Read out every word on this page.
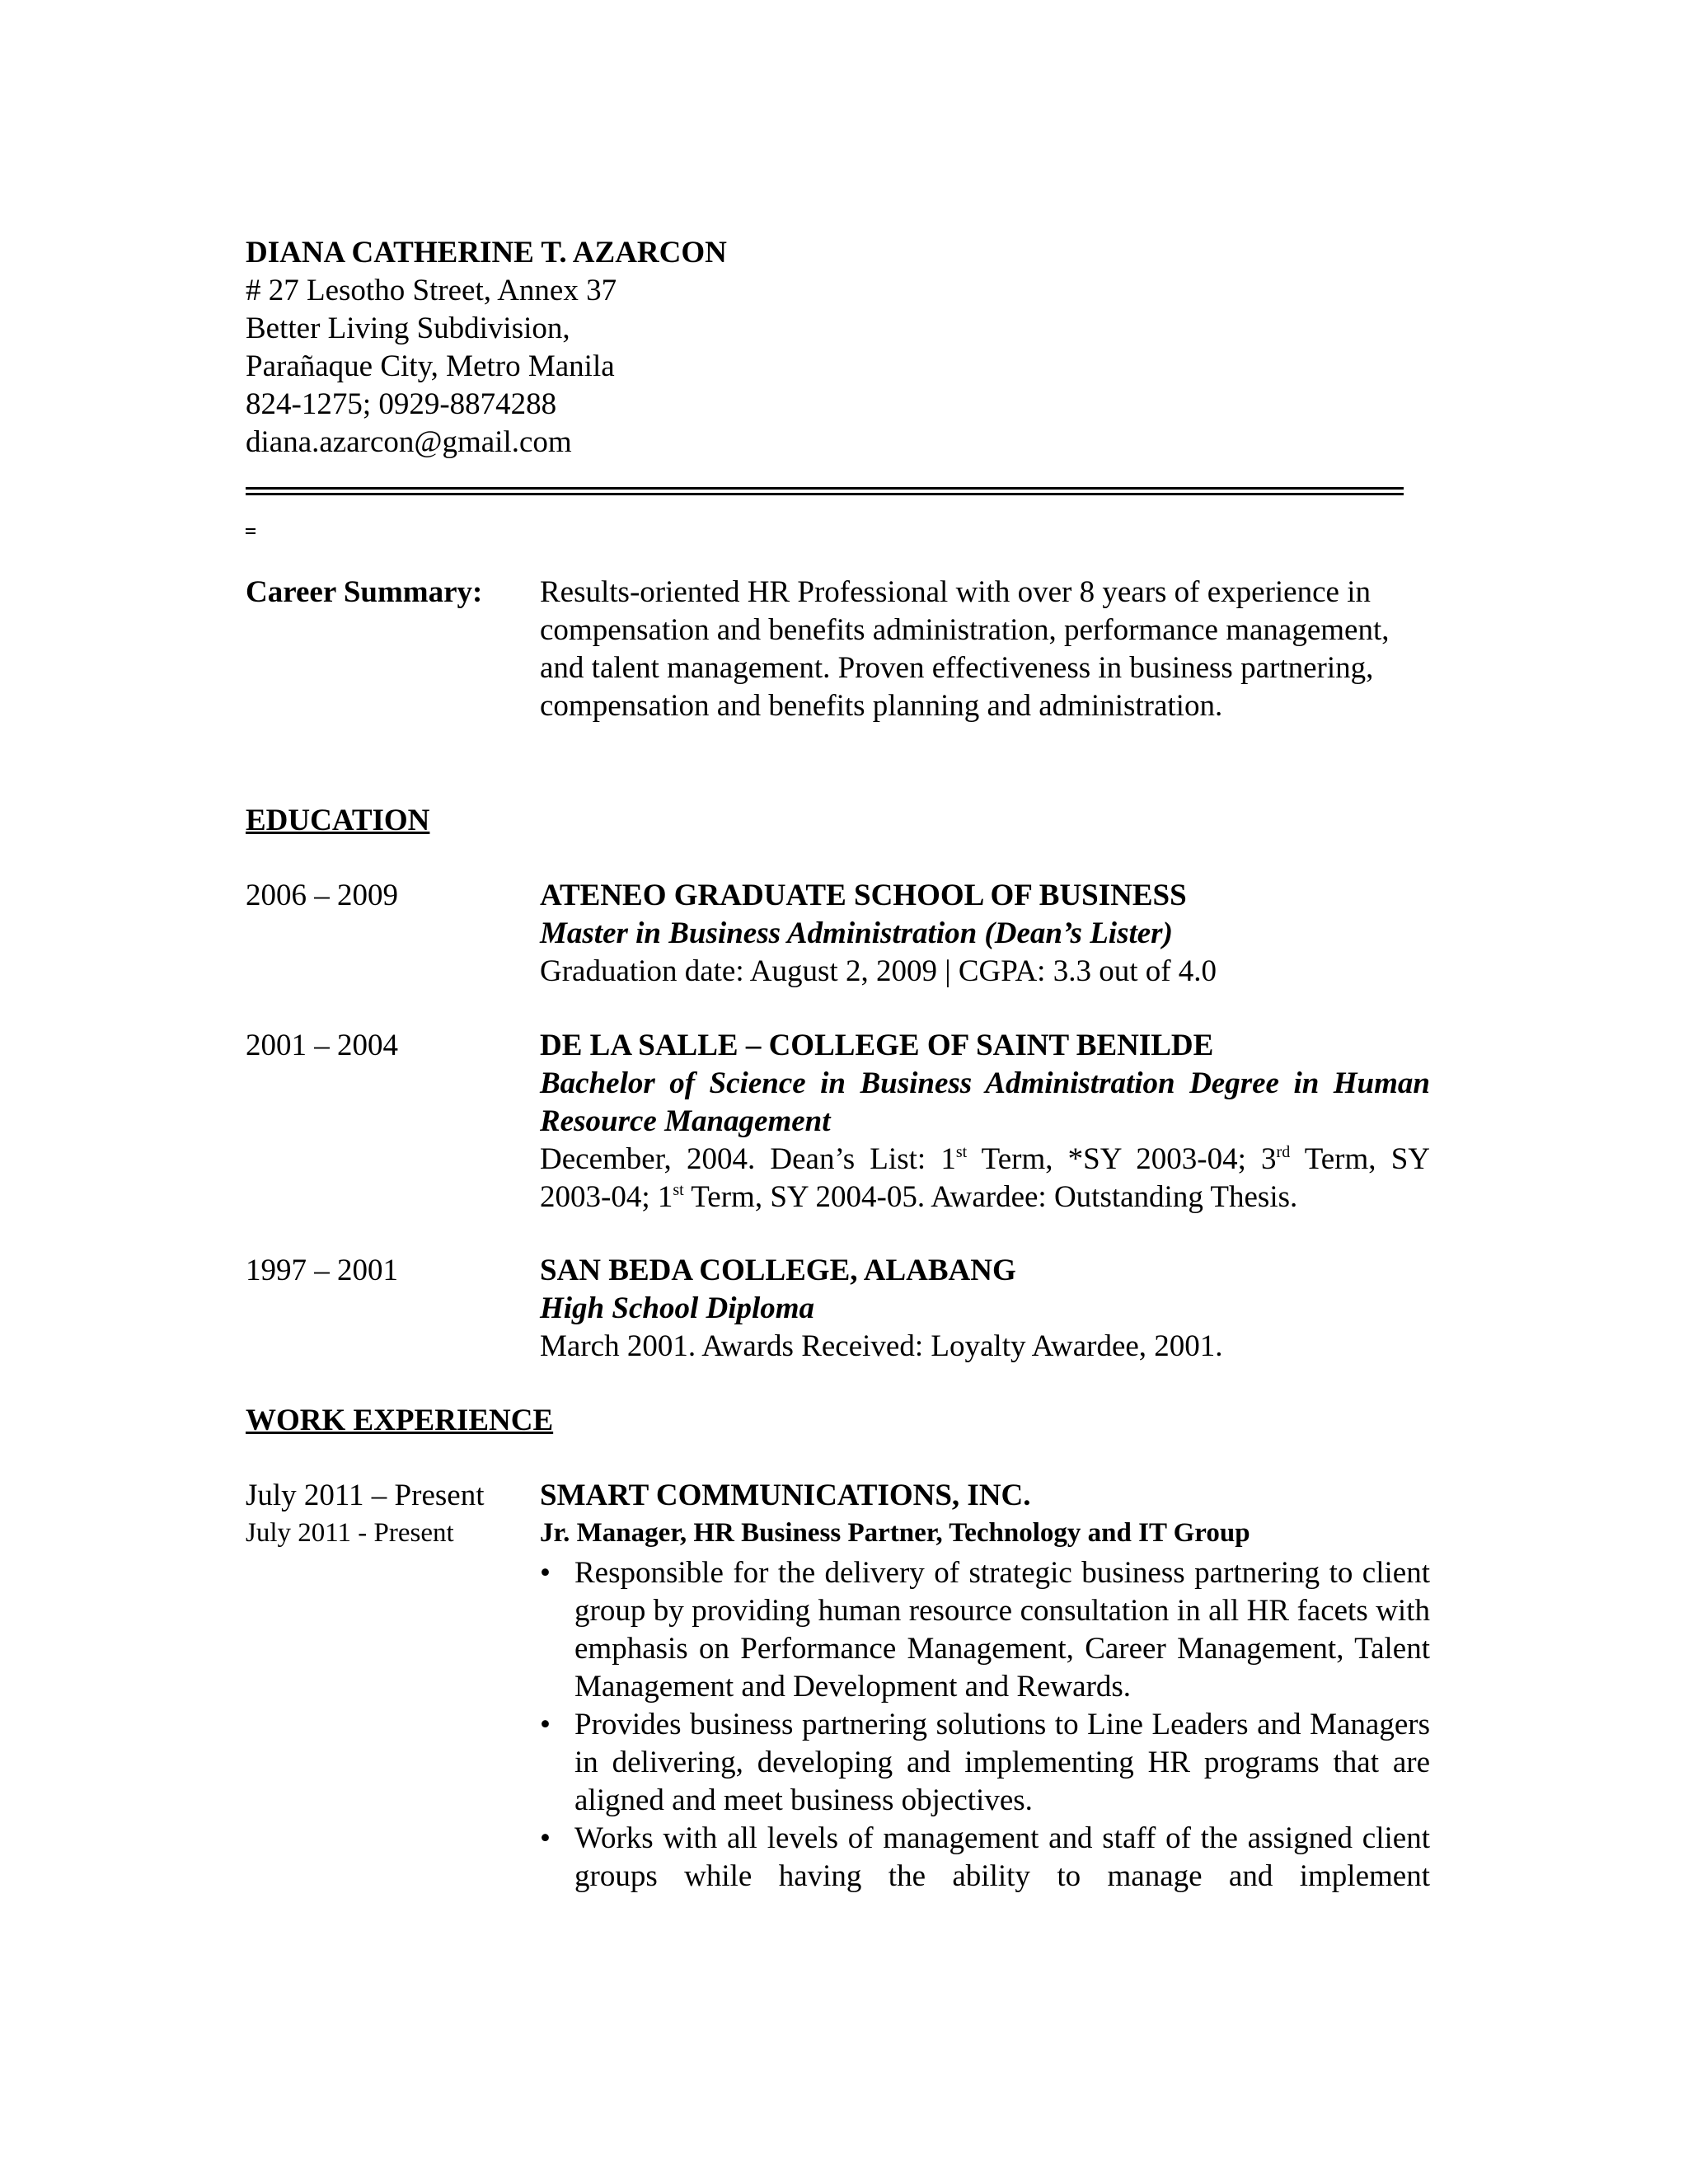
DIANA CATHERINE T. AZARCON
# 27 Lesotho Street, Annex 37
Better Living Subdivision,
Parañaque City, Metro Manila
824-1275; 0929-8874288
diana.azarcon@gmail.com
Career Summary:	Results-oriented HR Professional with over 8 years of experience in compensation and benefits administration, performance management, and talent management. Proven effectiveness in business partnering, compensation and benefits planning and administration.
EDUCATION
2006 – 2009	ATENEO GRADUATE SCHOOL OF BUSINESS
Master in Business Administration (Dean’s Lister)
Graduation date: August 2, 2009 | CGPA: 3.3 out of 4.0
2001 – 2004	DE LA SALLE – COLLEGE OF SAINT BENILDE
Bachelor of Science in Business Administration Degree in Human Resource Management
December, 2004. Dean’s List: 1st Term, *SY 2003-04; 3rd Term, SY 2003-04; 1st Term, SY 2004-05. Awardee: Outstanding Thesis.
1997 – 2001	SAN BEDA COLLEGE, ALABANG
High School Diploma
March 2001. Awards Received: Loyalty Awardee, 2001.
WORK EXPERIENCE
July 2011 – Present	SMART COMMUNICATIONS, INC.
July 2011 - Present	Jr. Manager, HR Business Partner, Technology and IT Group
• Responsible for the delivery of strategic business partnering to client group by providing human resource consultation in all HR facets with emphasis on Performance Management, Career Management, Talent Management and Development and Rewards.
• Provides business partnering solutions to Line Leaders and Managers in delivering, developing and implementing HR programs that are aligned and meet business objectives.
• Works with all levels of management and staff of the assigned client groups while having the ability to manage and implement
